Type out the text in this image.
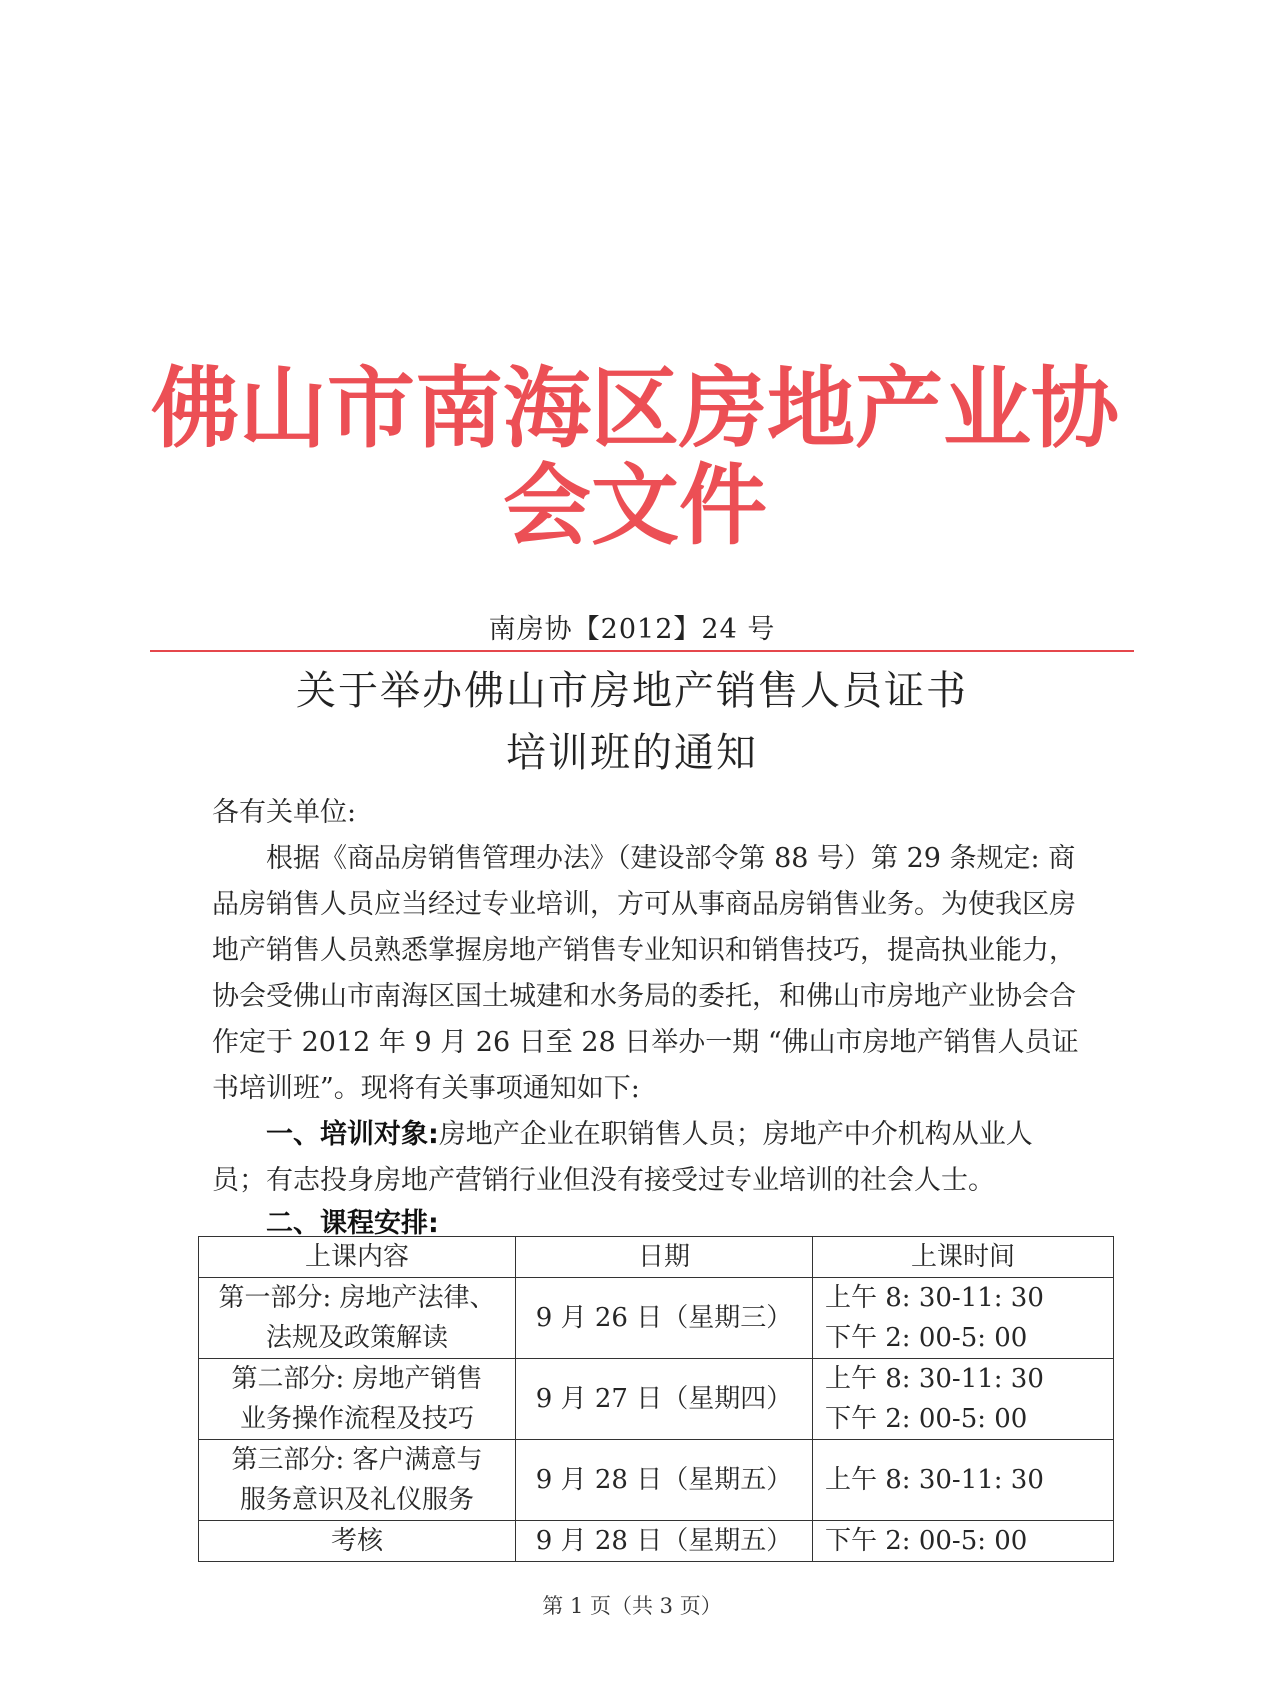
佛山市南海区房地产业协会文件
南房协【2012】24 号
关于举办佛山市房地产销售人员证书
培训班的通知

各有关单位:

根据《商品房销售管理办法》（建设部令第 88 号）第 29 条规定: 商品房销售人员应当经过专业培训，方可从事商品房销售业务。为使我区房地产销售人员熟悉掌握房地产销售专业知识和销售技巧，提高执业能力，协会受佛山市南海区国土城建和水务局的委托，和佛山市房地产业协会合作定于 2012 年 9 月 26 日至 28 日举办一期 “佛山市房地产销售人员证书培训班”。现将有关事项通知如下:

一、培训对象:房地产企业在职销售人员；房地产中介机构从业人员；有志投身房地产营销行业但没有接受过专业培训的社会人士。

二、课程安排:

上课内容	日期	上课时间

第一部分: 房地产法律、
法规及政策解读	9 月 26 日（星期三）	上午 8: 30-11: 30
下午 2: 00-5: 00

第二部分: 房地产销售
业务操作流程及技巧	9 月 27 日（星期四）	上午 8: 30-11: 30
下午 2: 00-5: 00

第三部分: 客户满意与
服务意识及礼仪服务	9 月 28 日（星期五）	上午 8: 30-11: 30

考核	9 月 28 日（星期五）	下午 2: 00-5: 00
第 1 页（共 3 页）
